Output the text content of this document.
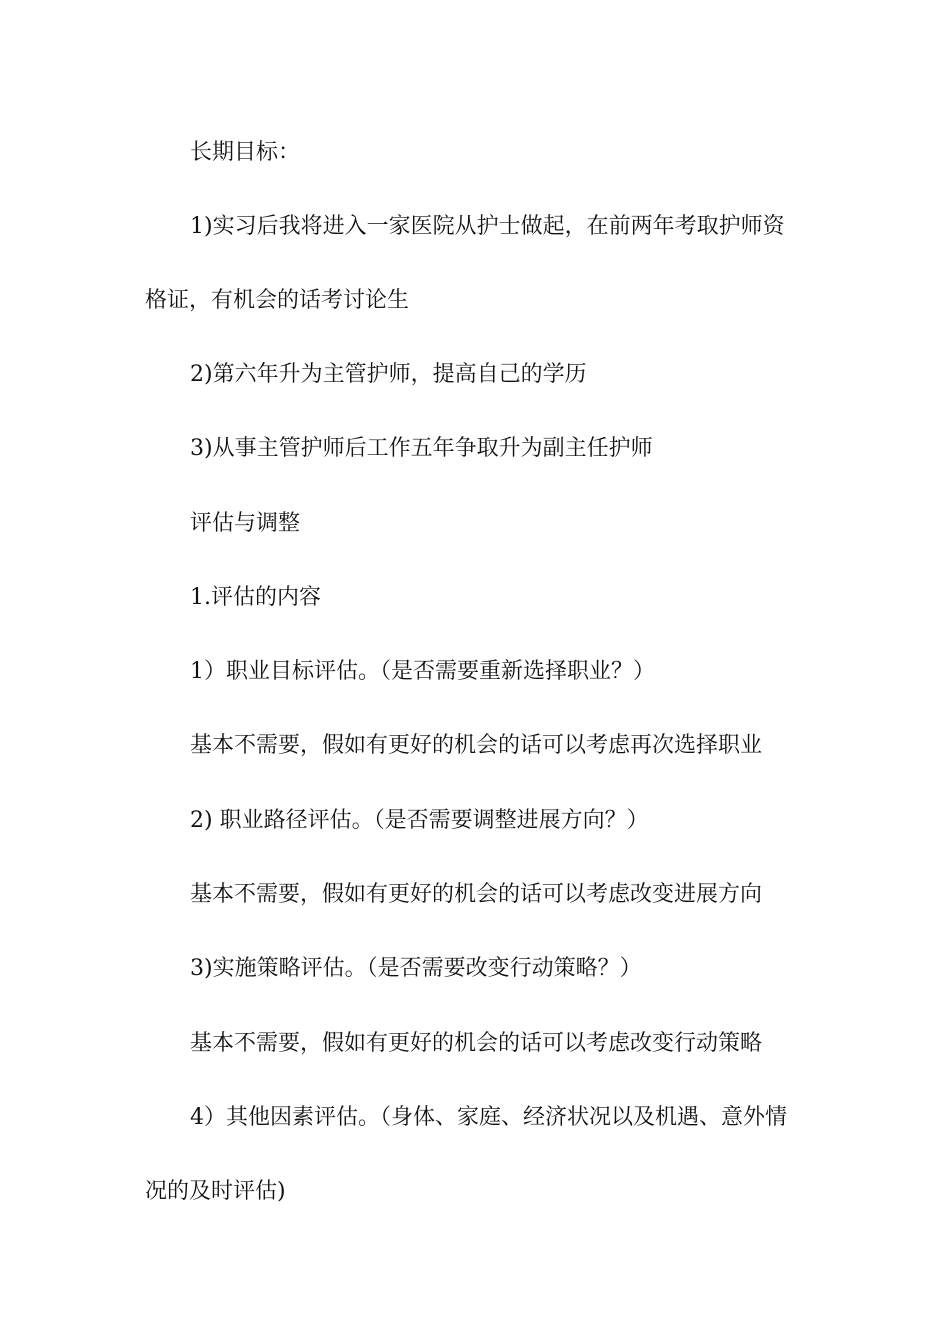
长期目标：
1)实习后我将进入一家医院从护士做起，在前两年考取护师资
格证，有机会的话考讨论生
2)第六年升为主管护师，提高自己的学历
3)从事主管护师后工作五年争取升为副主任护师
评估与调整
1.评估的内容
1）职业目标评估。（是否需要重新选择职业？）
基本不需要，假如有更好的机会的话可以考虑再次选择职业
2) 职业路径评估。（是否需要调整进展方向？）
基本不需要，假如有更好的机会的话可以考虑改变进展方向
3)实施策略评估。（是否需要改变行动策略？）
基本不需要，假如有更好的机会的话可以考虑改变行动策略
4）其他因素评估。（身体、家庭、经济状况以及机遇、意外情
况的及时评估)
